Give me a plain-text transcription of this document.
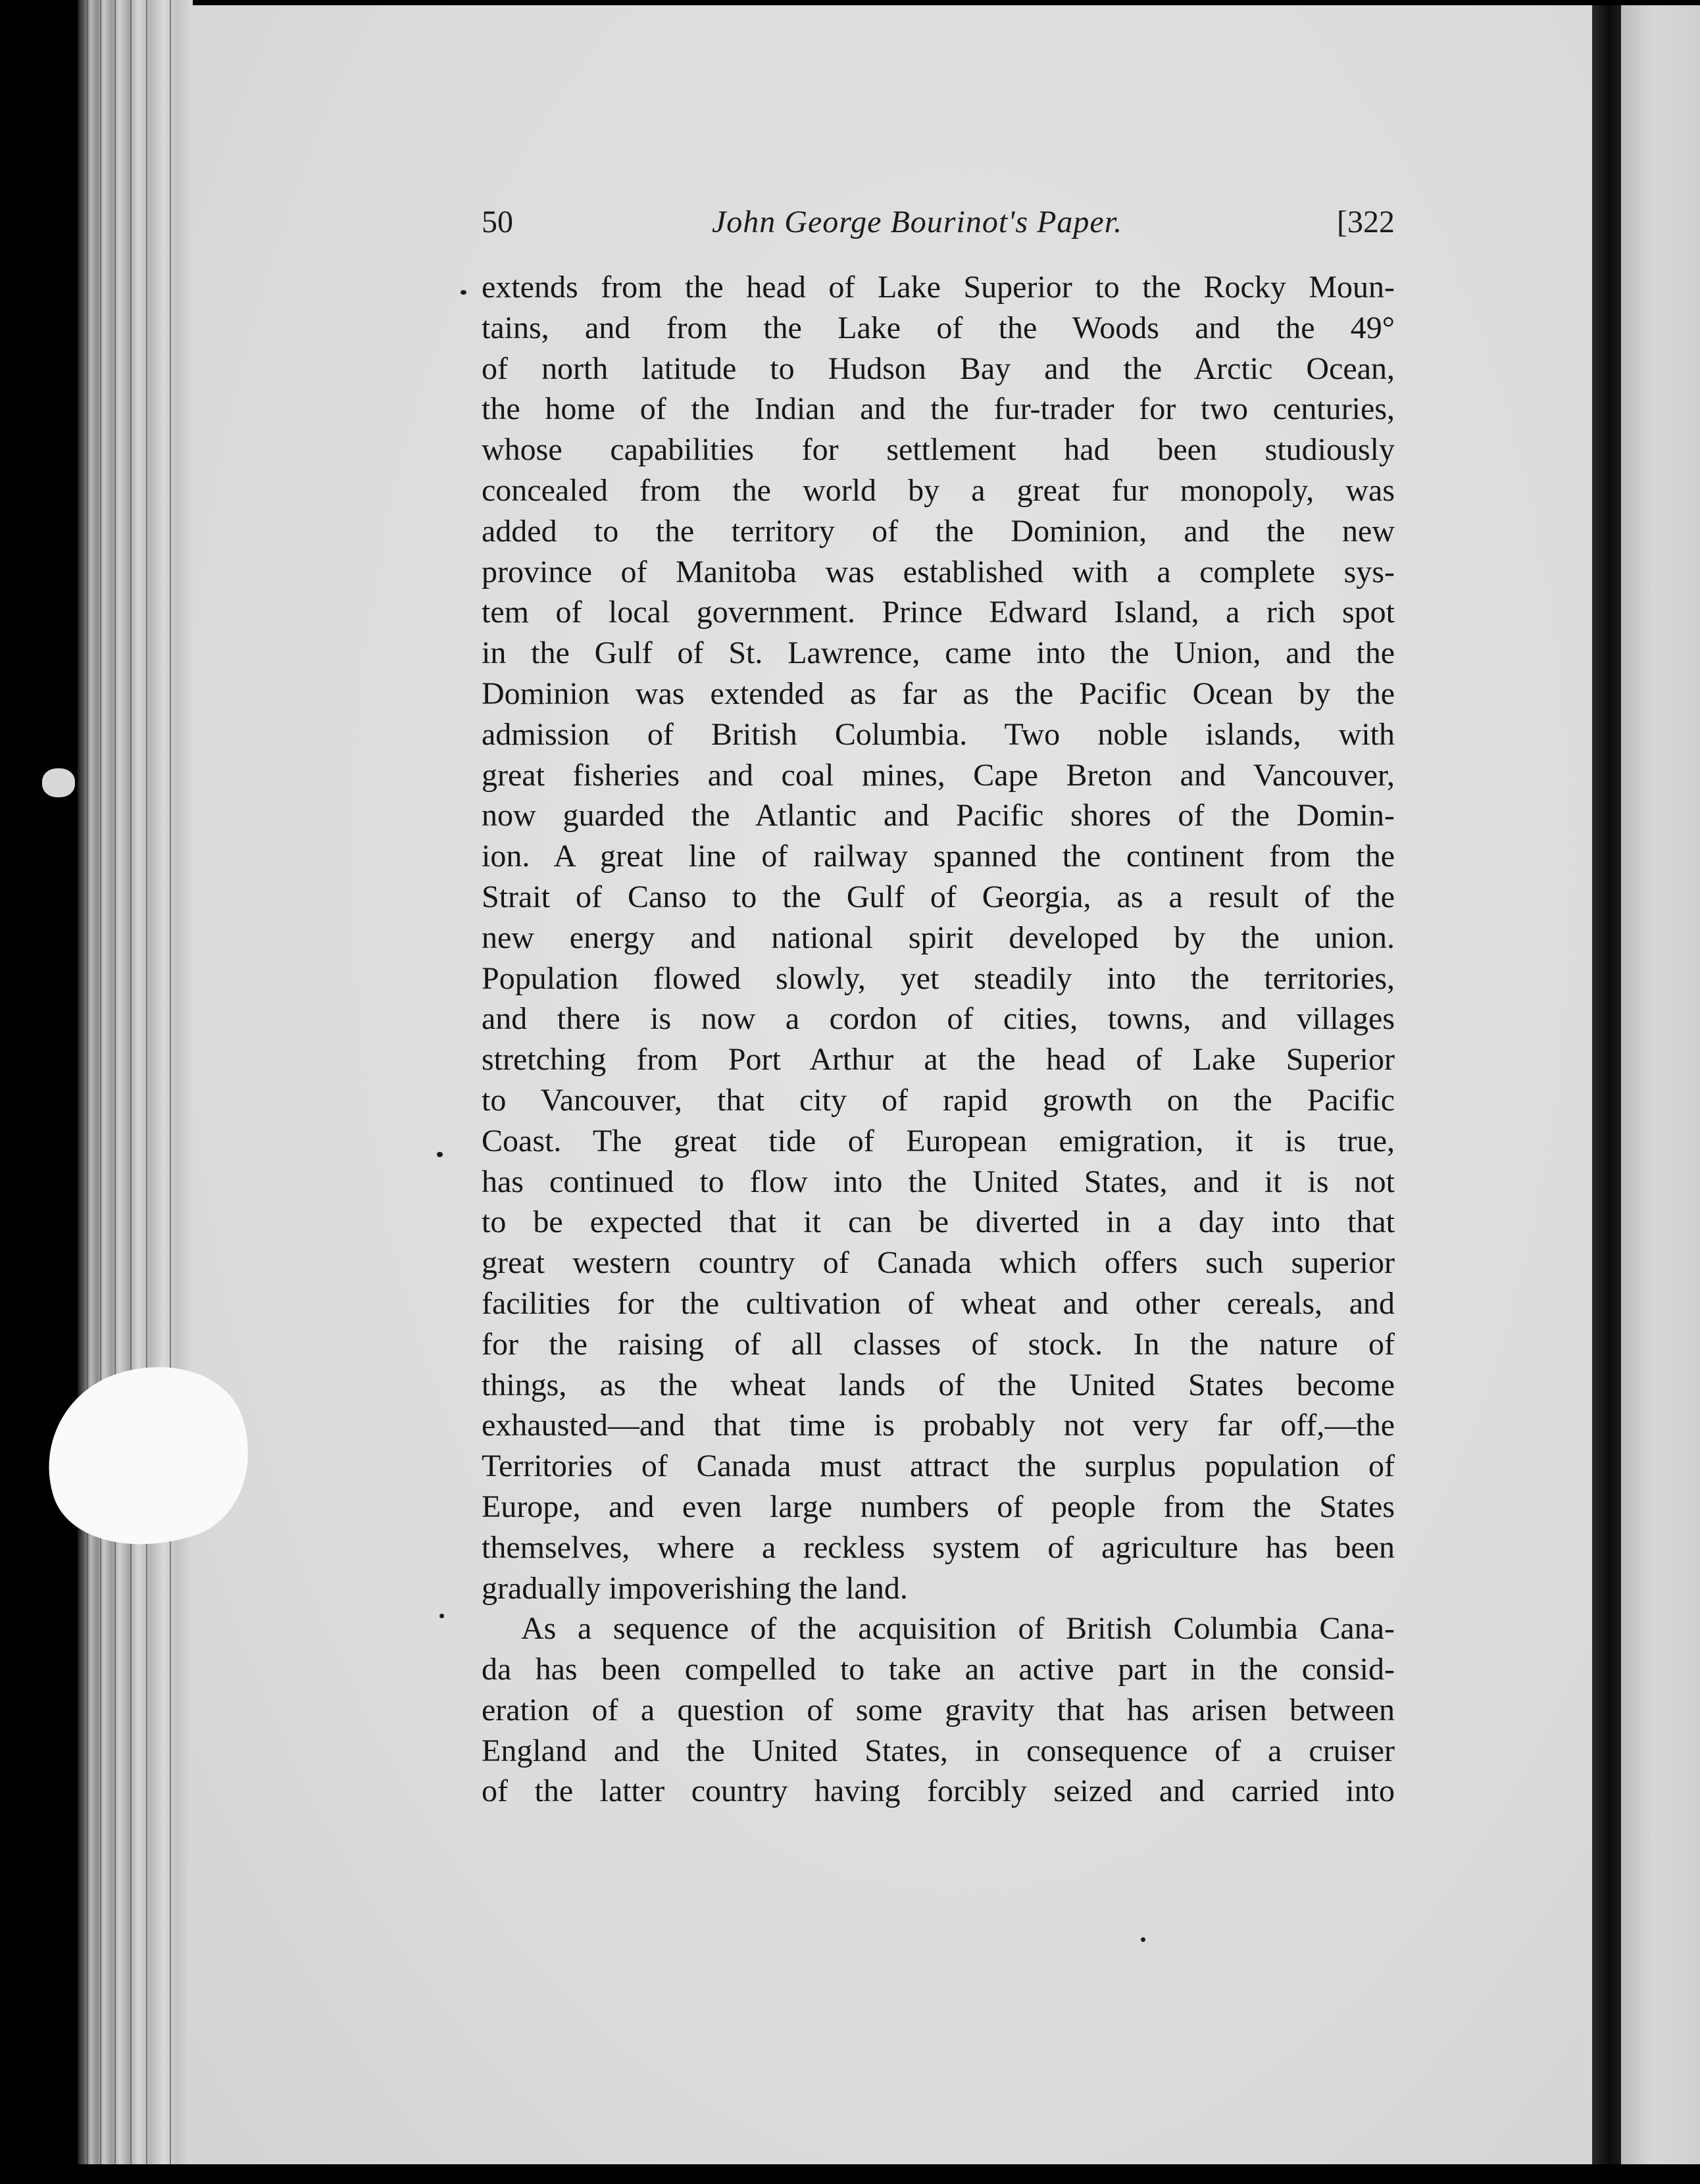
50	John George Bourinot's Paper.	[322
extends from the head of Lake Superior to the Rocky Moun-
tains, and from the Lake of the Woods and the 49°
of north latitude to Hudson Bay and the Arctic Ocean,
the home of the Indian and the fur-trader for two centuries,
whose capabilities for settlement had been studiously
concealed from the world by a great fur monopoly, was
added to the territory of the Dominion, and the new
province of Manitoba was established with a complete sys-
tem of local government. Prince Edward Island, a rich spot
in the Gulf of St. Lawrence, came into the Union, and the
Dominion was extended as far as the Pacific Ocean by the
admission of British Columbia. Two noble islands, with
great fisheries and coal mines, Cape Breton and Vancouver,
now guarded the Atlantic and Pacific shores of the Domin-
ion. A great line of railway spanned the continent from the
Strait of Canso to the Gulf of Georgia, as a result of the
new energy and national spirit developed by the union.
Population flowed slowly, yet steadily into the territories,
and there is now a cordon of cities, towns, and villages
stretching from Port Arthur at the head of Lake Superior
to Vancouver, that city of rapid growth on the Pacific
Coast. The great tide of European emigration, it is true,
has continued to flow into the United States, and it is not
to be expected that it can be diverted in a day into that
great western country of Canada which offers such superior
facilities for the cultivation of wheat and other cereals, and
for the raising of all classes of stock. In the nature of
things, as the wheat lands of the United States become
exhausted—and that time is probably not very far off,—the
Territories of Canada must attract the surplus population of
Europe, and even large numbers of people from the States
themselves, where a reckless system of agriculture has been
gradually impoverishing the land.
As a sequence of the acquisition of British Columbia Cana-
da has been compelled to take an active part in the consid-
eration of a question of some gravity that has arisen between
England and the United States, in consequence of a cruiser
of the latter country having forcibly seized and carried into
